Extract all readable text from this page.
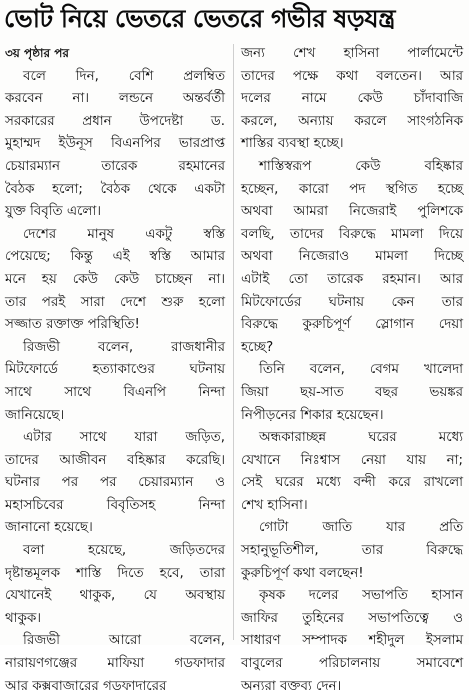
ভোট নিয়ে ভেতরে ভেতরে গভীর ষড়যন্ত্র
৩য় পৃষ্ঠার পর
বলে দিন, বেশি প্রলম্বিত
করবেন না। লন্ডনে অন্তর্বর্তী
সরকারের প্রধান উপদেষ্টা ড.
মুহাম্মদ ইউনূস বিএনপির ভারপ্রাপ্ত
চেয়ারম্যান তারেক রহমানের
বৈঠক হলো; বৈঠক থেকে একটা
যুক্ত বিবৃতি এলো।
দেশের মানুষ একটু স্বস্তি
পেয়েছে; কিন্তু এই স্বস্তি আমার
মনে হয় কেউ কেউ চাচ্ছেন না।
তার পরই সারা দেশে শুরু হলো
সজ্জাত রক্তাক্ত পরিস্থিতি!
রিজভী বলেন, রাজধানীর
মিটফোর্ডে হত্যাকাণ্ডের ঘটনায়
সাথে সাথে বিএনপি নিন্দা
জানিয়েছে।
এটার সাথে যারা জড়িত,
তাদের আজীবন বহিষ্কার করেছি।
ঘটনার পর পর চেয়ারম্যান ও
মহাসচিবের বিবৃতিসহ নিন্দা
জানানো হয়েছে।
বলা হয়েছে, জড়িতদের
দৃষ্টান্তমূলক শাস্তি দিতে হবে, তারা
যেখানেই থাকুক, যে অবস্থায়
থাকুক।
রিজভী আরো বলেন,
নারায়ণগঞ্জের মাফিয়া গডফাদার
আর কক্সবাজারের গডফাদারের
জন্য শেখ হাসিনা পার্লামেন্টে
তাদের পক্ষে কথা বলতেন। আর
দলের নামে কেউ চাঁদাবাজি
করলে, অন্যায় করলে সাংগঠনিক
শাস্তির ব্যবস্থা হচ্ছে।
শাস্তিস্বরূপ কেউ বহিষ্কার
হচ্ছেন, কারো পদ স্থগিত হচ্ছে
অথবা আমরা নিজেরাই পুলিশকে
বলছি, তাদের বিরুদ্ধে মামলা দিয়ে
অথবা নিজেরাও মামলা দিচ্ছে
এটাই তো তারেক রহমান। আর
মিটফোর্ডের ঘটনায় কেন তার
বিরুদ্ধে কুরুচিপূর্ণ স্লোগান দেয়া
হচ্ছে?
তিনি বলেন, বেগম খালেদা
জিয়া ছয়-সাত বছর ভয়ঙ্কর
নিপীড়নের শিকার হয়েছেন।
অন্ধকারাচ্ছন্ন ঘরের মধ্যে
যেখানে নিঃশ্বাস নেয়া যায় না;
সেই ঘরের মধ্যে বন্দী করে রাখলো
শেখ হাসিনা।
গোটা জাতি যার প্রতি
সহানুভূতিশীল, তার বিরুদ্ধে
কুরুচিপূর্ণ কথা বলছেন!
কৃষক দলের সভাপতি হাসান
জাফির তুহিনের সভাপতিত্বে ও
সাধারণ সম্পাদক শহীদুল ইসলাম
বাবুলের পরিচালনায় সমাবেশে
অন্যরা বক্তব্য দেন।
